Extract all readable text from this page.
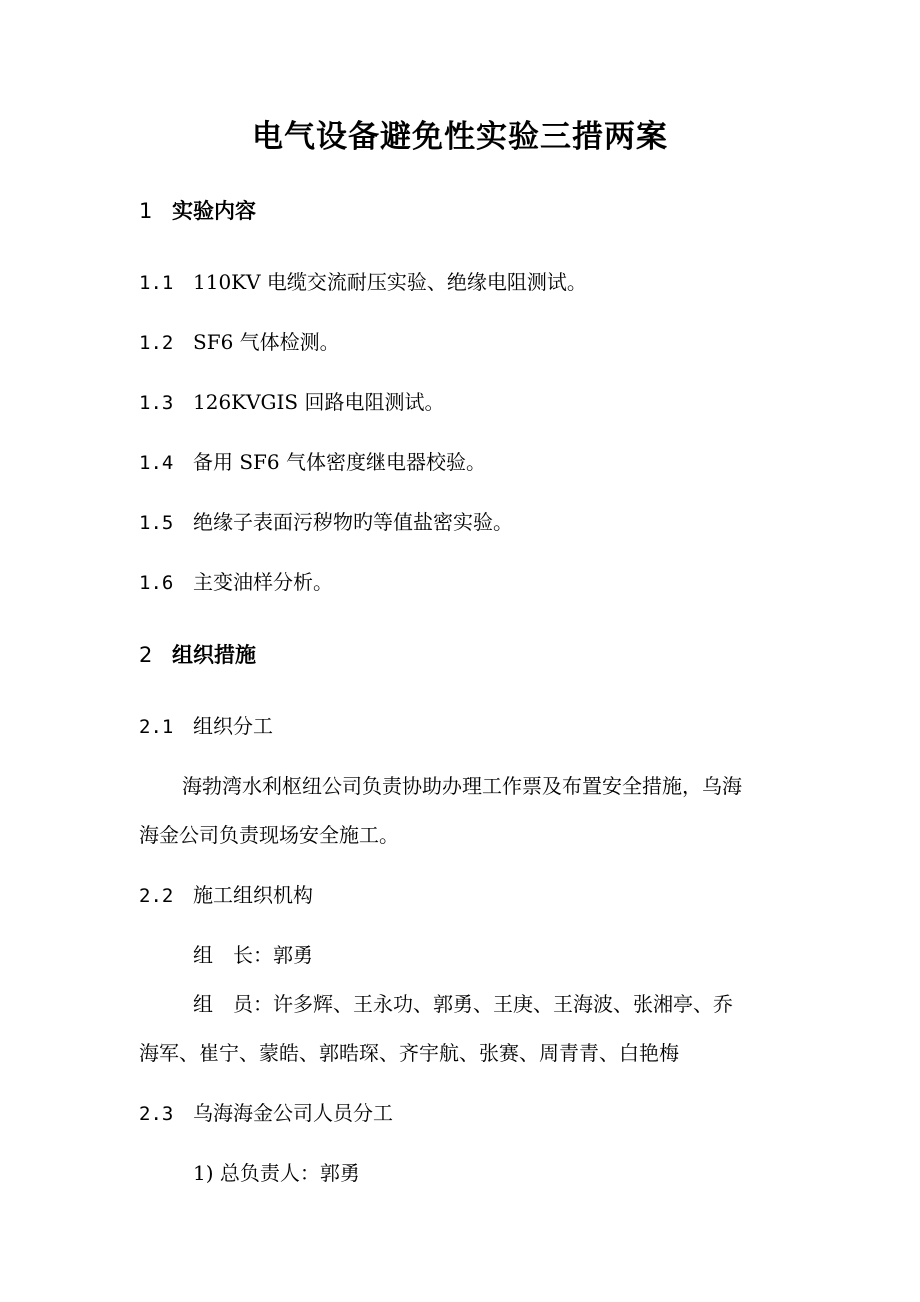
电气设备避免性实验三措两案
1 实验内容
1.1 110KV 电缆交流耐压实验、绝缘电阻测试。
1.2 SF6 气体检测。
1.3 126KVGIS 回路电阻测试。
1.4 备用 SF6 气体密度继电器校验。
1.5 绝缘子表面污秽物旳等值盐密实验。
1.6 主变油样分析。
2 组织措施
2.1 组织分工
海勃湾水利枢纽公司负责协助办理工作票及布置安全措施，乌海
海金公司负责现场安全施工。
2.2 施工组织机构
组　长：郭勇
组　员：许多辉、王永功、郭勇、王庚、王海波、张湘亭、乔
海军、崔宁、蒙皓、郭晧琛、齐宇航、张赛、周青青、白艳梅
2.3 乌海海金公司人员分工
1) 总负责人：郭勇
